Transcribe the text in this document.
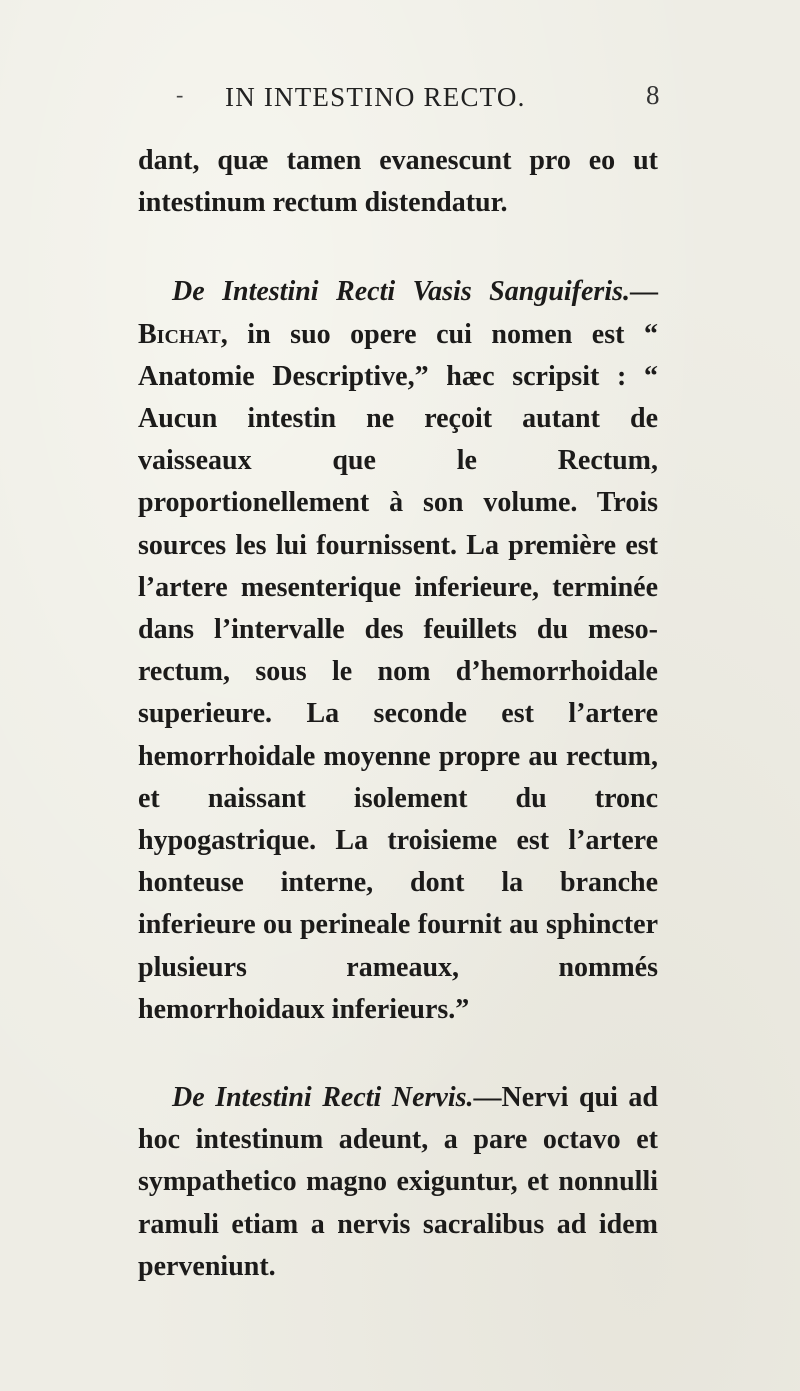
- IN INTESTINO RECTO.	8

dant, quæ tamen evanescunt pro eo ut intestinum rectum distendatur.

De Intestini Recti Vasis Sanguiferis.—Bichat, in suo opere cui nomen est “ Anatomie Descriptive,” hæc scripsit : “ Aucun intestin ne reçoit autant de vaisseaux que le Rectum, proportionellement à son volume. Trois sources les lui fournissent. La première est l’artere mesenterique inferieure, terminée dans l’intervalle des feuillets du meso-rectum, sous le nom d’hemorrhoidale superieure. La seconde est l’artere hemorrhoidale moyenne propre au rectum, et naissant isolement du tronc hypogastrique. La troisieme est l’artere honteuse interne, dont la branche inferieure ou perineale fournit au sphincter plusieurs rameaux, nommés hemorrhoidaux inferieurs.”

De Intestini Recti Nervis.—Nervi qui ad hoc intestinum adeunt, a pare octavo et sympathetico magno exiguntur, et nonnulli ramuli etiam a nervis sacralibus ad idem perveniunt.
